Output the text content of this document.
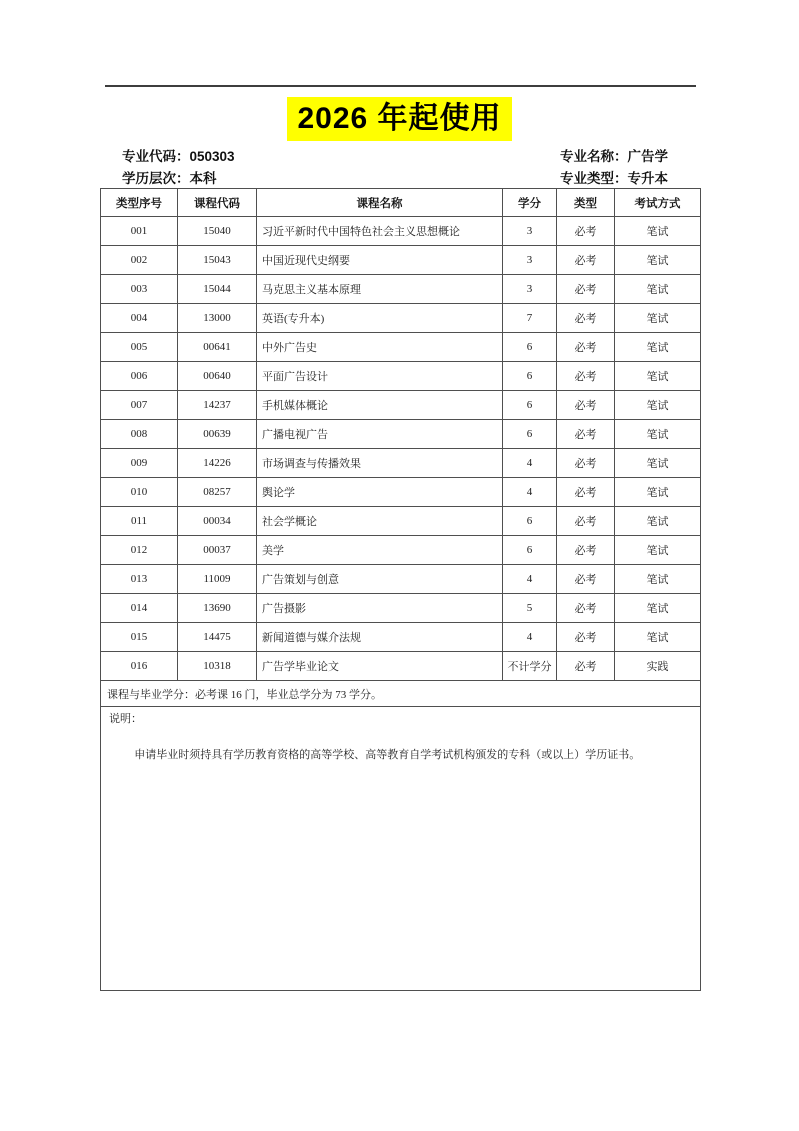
2026 年起使用
专业代码：050303
学历层次：本科
专业名称：广告学
专业类型：专升本
类型序号	课程代码	课程名称	学分	类型	考试方式
001	15040	习近平新时代中国特色社会主义思想概论	3	必考	笔试
002	15043	中国近现代史纲要	3	必考	笔试
003	15044	马克思主义基本原理	3	必考	笔试
004	13000	英语(专升本)	7	必考	笔试
005	00641	中外广告史	6	必考	笔试
006	00640	平面广告设计	6	必考	笔试
007	14237	手机媒体概论	6	必考	笔试
008	00639	广播电视广告	6	必考	笔试
009	14226	市场调查与传播效果	4	必考	笔试
010	08257	舆论学	4	必考	笔试
011	00034	社会学概论	6	必考	笔试
012	00037	美学	6	必考	笔试
013	11009	广告策划与创意	4	必考	笔试
014	13690	广告摄影	5	必考	笔试
015	14475	新闻道德与媒介法规	4	必考	笔试
016	10318	广告学毕业论文	不计学分	必考	实践
课程与毕业学分：必考课 16 门，毕业总学分为 73 学分。					

说明：
申请毕业时须持具有学历教育资格的高等学校、高等教育自学考试机构颁发的专科（或以上）学历证书。					
